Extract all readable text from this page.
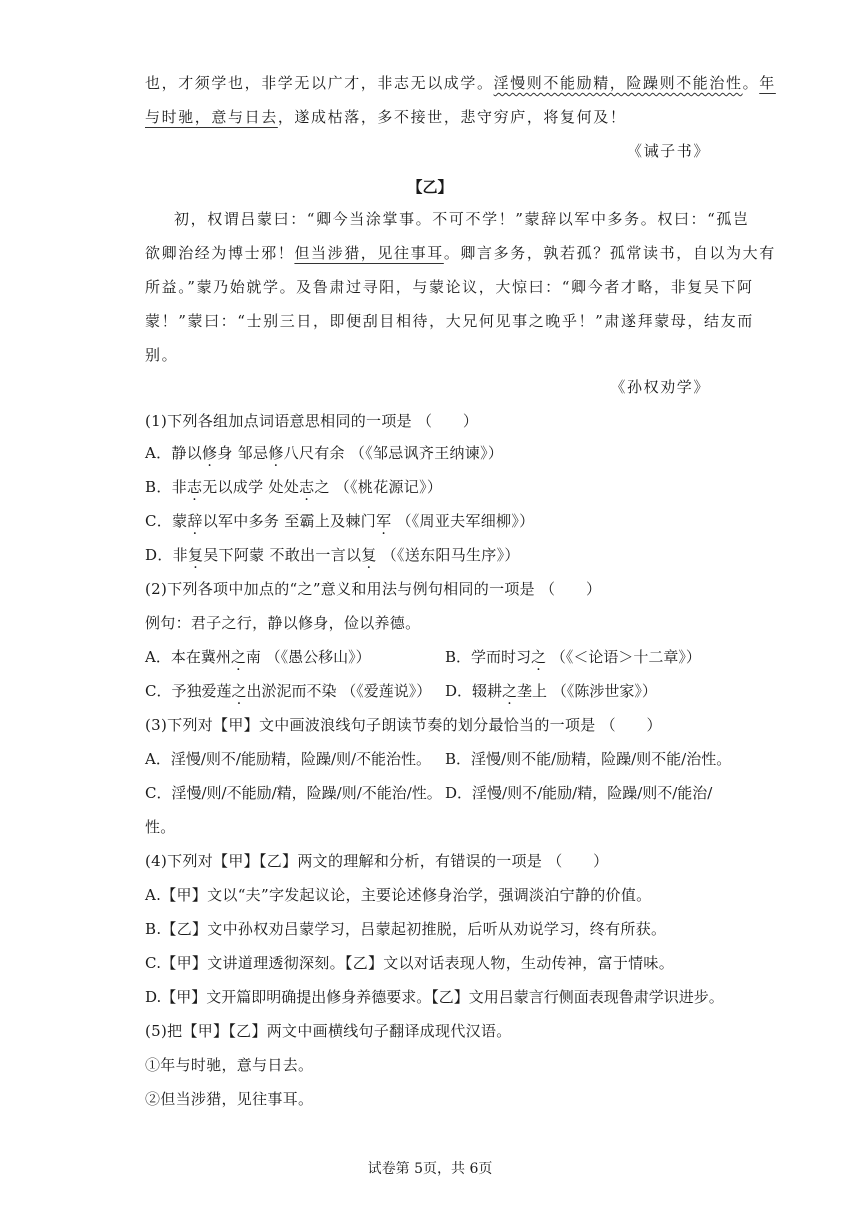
也，才须学也，非学无以广才，非志无以成学。淫慢则不能励精，险躁则不能治性。年
与时驰，意与日去，遂成枯落，多不接世，悲守穷庐，将复何及！
《诫子书》
【乙】
初，权谓吕蒙曰：“卿今当涂掌事。不可不学！”蒙辞以军中多务。权曰：“孤岂
欲卿治经为博士邪！但当涉猎，见往事耳。卿言多务，孰若孤？孤常读书，自以为大有
所益。”蒙乃始就学。及鲁肃过寻阳，与蒙论议，大惊曰：“卿今者才略，非复吴下阿
蒙！”蒙曰：“士别三日，即便刮目相待，大兄何见事之晚乎！”肃遂拜蒙母，结友而
别。
《孙权劝学》
(1)下列各组加点词语意思相同的一项是 （　　）
A．静以修身 邹忌修八尺有余 （《邹忌讽齐王纳谏》）
B．非志无以成学 处处志之 （《桃花源记》）
C．蒙辞以军中多务 至霸上及棘门军 （《周亚夫军细柳》）
D．非复吴下阿蒙 不敢出一言以复 （《送东阳马生序》）
(2)下列各项中加点的“之”意义和用法与例句相同的一项是 （　　）
例句：君子之行，静以修身，俭以养德。
A．本在冀州之南 （《愚公移山》）	B．学而时习之 （《＜论语＞十二章》）
C．予独爱莲之出淤泥而不染 （《爱莲说》） D．辍耕之垄上 （《陈涉世家》）
(3)下列对【甲】文中画波浪线句子朗读节奏的划分最恰当的一项是 （　　）
A．淫慢/则不/能励精，险躁/则/不能治性。 B．淫慢/则不能/励精，险躁/则不能/治性。
C．淫慢/则/不能励/精，险躁/则/不能治/性。 D．淫慢/则不/能励/精，险躁/则不/能治/
性。
(4)下列对【甲】【乙】两文的理解和分析，有错误的一项是 （　　）
A.【甲】文以“夫”字发起议论，主要论述修身治学，强调淡泊宁静的价值。
B.【乙】文中孙权劝吕蒙学习，吕蒙起初推脱，后听从劝说学习，终有所获。
C.【甲】文讲道理透彻深刻。【乙】文以对话表现人物，生动传神，富于情味。
D.【甲】文开篇即明确提出修身养德要求。【乙】文用吕蒙言行侧面表现鲁肃学识进步。
(5)把【甲】【乙】两文中画横线句子翻译成现代汉语。
①年与时驰，意与日去。
②但当涉猎，见往事耳。
试卷第 5页，共 6页
